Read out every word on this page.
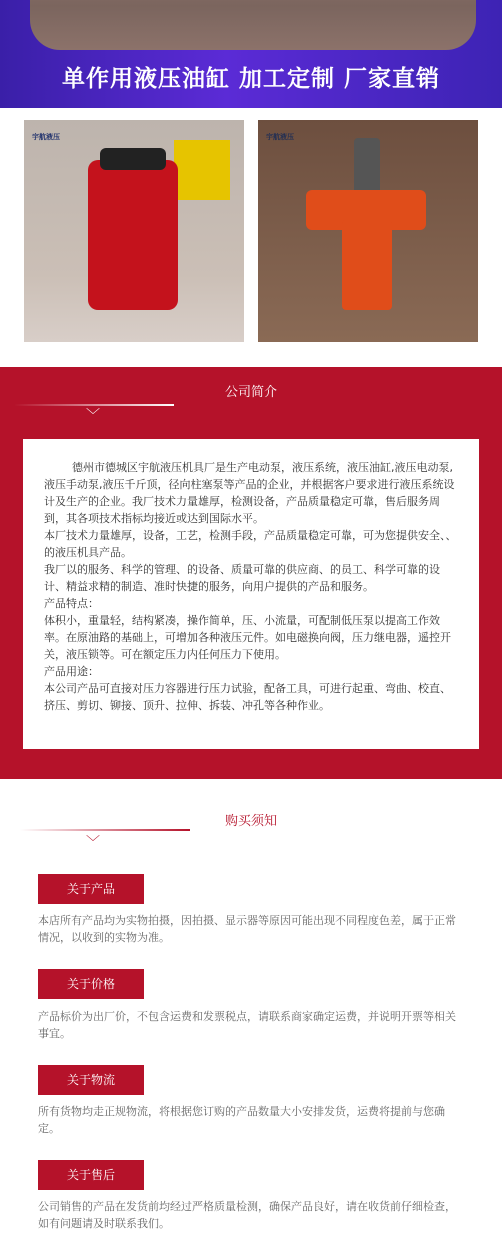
单作用液压油缸 加工定制 厂家直销
宇航液压	宇航液压
公司简介
﹀

德州市德城区宇航液压机具厂是生产电动泵，液压系统，液压油缸,液压电动泵,液压手动泵,液压千斤顶，径向柱塞泵等产品的企业，并根据客户要求进行液压系统设计及生产的企业。我厂技术力量雄厚，检测设备，产品质量稳定可靠，售后服务周到，其各项技术指标均接近或达到国际水平。

本厂技术力量雄厚，设备，工艺，检测手段，产品质量稳定可靠，可为您提供安全、、的液压机具产品。

我厂以的服务、科学的管理、的设备、质量可靠的供应商、的员工、科学可靠的设计、精益求精的制造、准时快捷的服务，向用户提供的产品和服务。

产品特点：

体积小，重量轻，结构紧凑，操作简单，压、小流量，可配制低压泵以提高工作效率。在原油路的基础上，可增加各种液压元件。如电磁换向阀，压力继电器，遥控开关，液压锁等。可在额定压力内任何压力下使用。

产品用途：

本公司产品可直接对压力容器进行压力试验，配备工具，可进行起重、弯曲、校直、挤压、剪切、铆接、顶升、拉伸、拆装、冲孔等各种作业。

购买须知
﹀
关于产品
本店所有产品均为实物拍摄，因拍摄、显示器等原因可能出现不同程度色差，属于正常情况，以收到的实物为准。
关于价格
产品标价为出厂价，不包含运费和发票税点，请联系商家确定运费，并说明开票等相关事宜。
关于物流
所有货物均走正规物流，将根据您订购的产品数量大小安排发货，运费将提前与您确定。
关于售后
公司销售的产品在发货前均经过严格质量检测，确保产品良好，请在收货前仔细检查，如有问题请及时联系我们。
